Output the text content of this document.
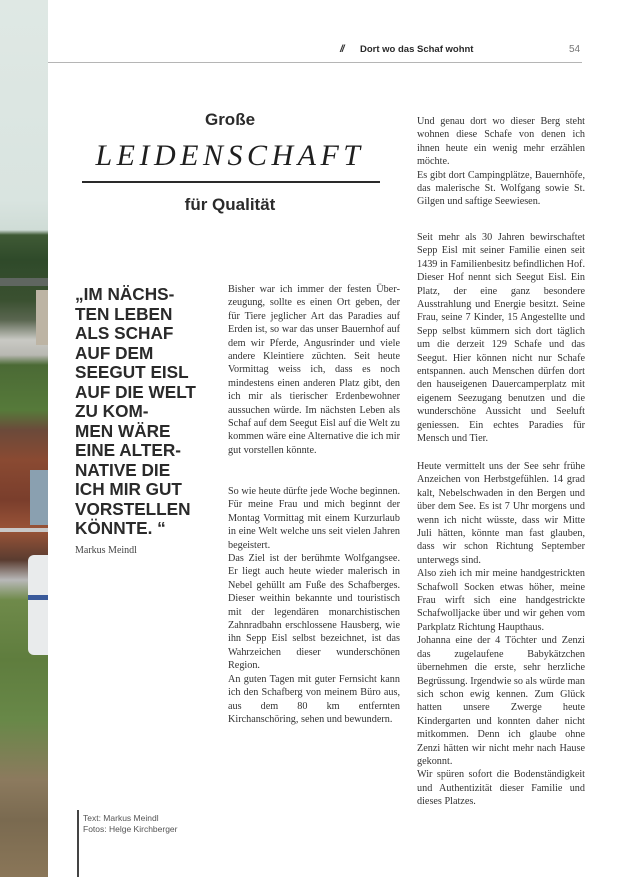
// Dort wo das Schaf wohnt	54
Große
LEIDENSCHAFT
für Qualität
„IM NÄCHS-
TEN LEBEN
ALS SCHAF
AUF DEM
SEEGUT EISL
AUF DIE WELT
ZU KOM-
MEN WÄRE
EINE ALTER-
NATIVE DIE
ICH MIR GUT
VORSTELLEN
KÖNNTE. “
Markus Meindl

Bisher war ich immer der festen Überzeugung, sollte es einen Ort geben, der für Tiere jeglicher Art das Paradies auf Erden ist, so war das unser Bauernhof auf dem wir Pferde, Angusrinder und viele andere Kleintiere züchten. Seit heute Vormittag weiss ich, dass es noch mindestens einen anderen Platz gibt, den ich mir als tierischer Erdenbewohner aussuchen würde. Im nächsten Leben als Schaf auf dem Seegut Eisl auf die Welt zu kommen wäre eine Alternative die ich mir gut vorstellen könnte.

So wie heute dürfte jede Woche beginnen. Für meine Frau und mich beginnt der Montag Vormittag mit einem Kurzurlaub in eine Welt welche uns seit vielen Jahren begeistert.

Das Ziel ist der berühmte Wolfgangsee. Er liegt auch heute wieder malerisch in Nebel gehüllt am Fuße des Schafberges. Dieser weithin bekannte und touristisch mit der legendären monarchistischen Zahnradbahn erschlossene Hausberg, wie ihn Sepp Eisl selbst bezeichnet, ist das Wahrzeichen dieser wunderschönen Region.

An guten Tagen mit guter Fernsicht kann ich den Schafberg von meinem Büro aus, aus dem 80 km entfernten Kirchanschöring, sehen und bewundern.

Und genau dort wo dieser Berg steht wohnen diese Schafe von denen ich ihnen heute ein wenig mehr erzählen möchte.

Es gibt dort Campingplätze, Bauernhöfe, das malerische St. Wolfgang sowie St. Gilgen und saftige Seewiesen.

Seit mehr als 30 Jahren bewirschaftet Sepp Eisl mit seiner Familie einen seit 1439 in Familienbesitz befindlichen Hof. Dieser Hof nennt sich Seegut Eisl. Ein Platz, der eine ganz besondere Ausstrahlung und Energie besitzt. Seine Frau, seine 7 Kinder, 15 Angestellte und Sepp selbst kümmern sich dort täglich um die derzeit 129 Schafe und das Seegut. Hier können nicht nur Schafe entspannen. auch Menschen dürfen dort den hauseigenen Dauercamperplatz mit eigenem Seezugang benutzen und die wunderschöne Aussicht und Seeluft geniessen. Ein echtes Paradies für Mensch und Tier.

Heute vermittelt uns der See sehr frühe Anzeichen von Herbstgefühlen. 14 grad kalt, Nebelschwaden in den Bergen und über dem See. Es ist 7 Uhr morgens und wenn ich nicht wüsste, dass wir Mitte Juli hätten, könnte man fast glauben, dass wir schon Richtung September unterwegs sind.

Also zieh ich mir meine handgestrickten Schafwoll Socken etwas höher, meine Frau wirft sich eine handgestrickte Schafwolljacke über und wir gehen vom Parkplatz Richtung Haupthaus.

Johanna eine der 4 Töchter und Zenzi das zugelaufene Babykätzchen übernehmen die erste, sehr herzliche Begrüssung. Irgendwie so als würde man sich schon ewig kennen. Zum Glück hatten unsere Zwerge heute Kindergarten und konnten daher nicht mitkommen. Denn ich glaube ohne Zenzi hätten wir nicht mehr nach Hause gekonnt.

Wir spüren sofort die Bodenständigkeit und Authentizität dieser Familie und dieses Platzes.

Text: Markus Meindl
Fotos: Helge Kirchberger
